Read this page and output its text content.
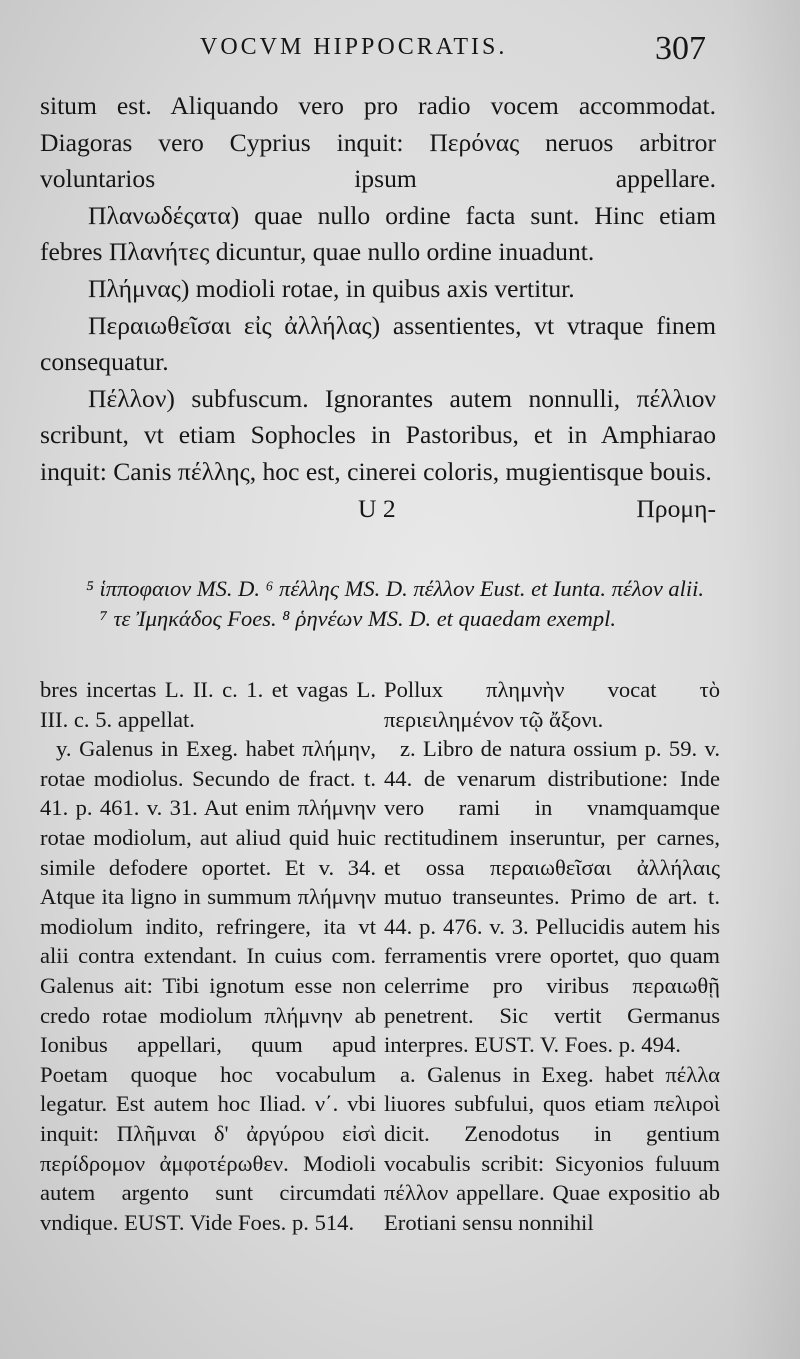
VOCVM HIPPOCRATIS.	307

situm est. Aliquando vero pro radio vocem accommodat. Diagoras vero Cyprius inquit: Περόνας neruos arbitror voluntarios ipsum appellare.

Πλανωδέςατα) quae nullo ordine facta sunt. Hinc etiam febres Πλανήτες dicuntur, quae nullo ordine inuadunt.

Πλήμνας) modioli rotae, in quibus axis vertitur.

Περαιωθεῖσαι εἰς ἀλλήλας) assentientes, vt vtraque finem consequatur.

Πέλλον) subfuscum. Ignorantes autem nonnulli, πέλλιον scribunt, vt etiam Sophocles in Pastoribus, et in Amphiarao inquit: Canis πέλλης, hoc est, cinerei coloris, mugientisque bouis.

U 2	Προμη-

⁵ ἱπποφαιον MS. D. ⁶ πέλλης MS. D. πέλλον Eust. et Iunta. πέλον alii. ⁷ τε Ἰμηκάδος Foes. ⁸ ῥηνέων MS. D. et quaedam exempl.

bres incertas L. II. c. 1. et vagas L. III. c. 5. appellat.

y. Galenus in Exeg. habet πλήμην, rotae modiolus. Secundo de fract. t. 41. p. 461. v. 31. Aut enim πλήμνην rotae modiolum, aut aliud quid huic simile defodere oportet. Et v. 34. Atque ita ligno in summum πλήμνην modiolum indito, refringere, ita vt alii contra extendant. In cuius com. Galenus ait: Tibi ignotum esse non credo rotae modiolum πλήμνην ab Ionibus appellari, quum apud Poetam quoque hoc vocabulum legatur. Est autem hoc Iliad. ν΄. vbi inquit: Πλῆμναι δ' ἀργύρου εἰσὶ περίδρομον ἀμφοτέρωθεν. Modioli autem argento sunt circumdati vndique. EUST. Vide Foes. p. 514.

Pollux πλημνὴν vocat τὸ περιειλημένον τῷ ἄξονι.

z. Libro de natura ossium p. 59. v. 44. de venarum distributione: Inde vero rami in vnamquamque rectitudinem inseruntur, per carnes, et ossa περαιωθεῖσαι ἀλλήλαις mutuo transeuntes. Primo de art. t. 44. p. 476. v. 3. Pellucidis autem his ferramentis vrere oportet, quo quam celerrime pro viribus περαιωθῇ penetrent. Sic vertit Germanus interpres. EUST. V. Foes. p. 494.

a. Galenus in Exeg. habet πέλλα liuores subfului, quos etiam πελιροὶ dicit. Zenodotus in gentium vocabulis scribit: Sicyonios fuluum πέλλον appellare. Quae expositio ab Erotiani sensu nonnihil
